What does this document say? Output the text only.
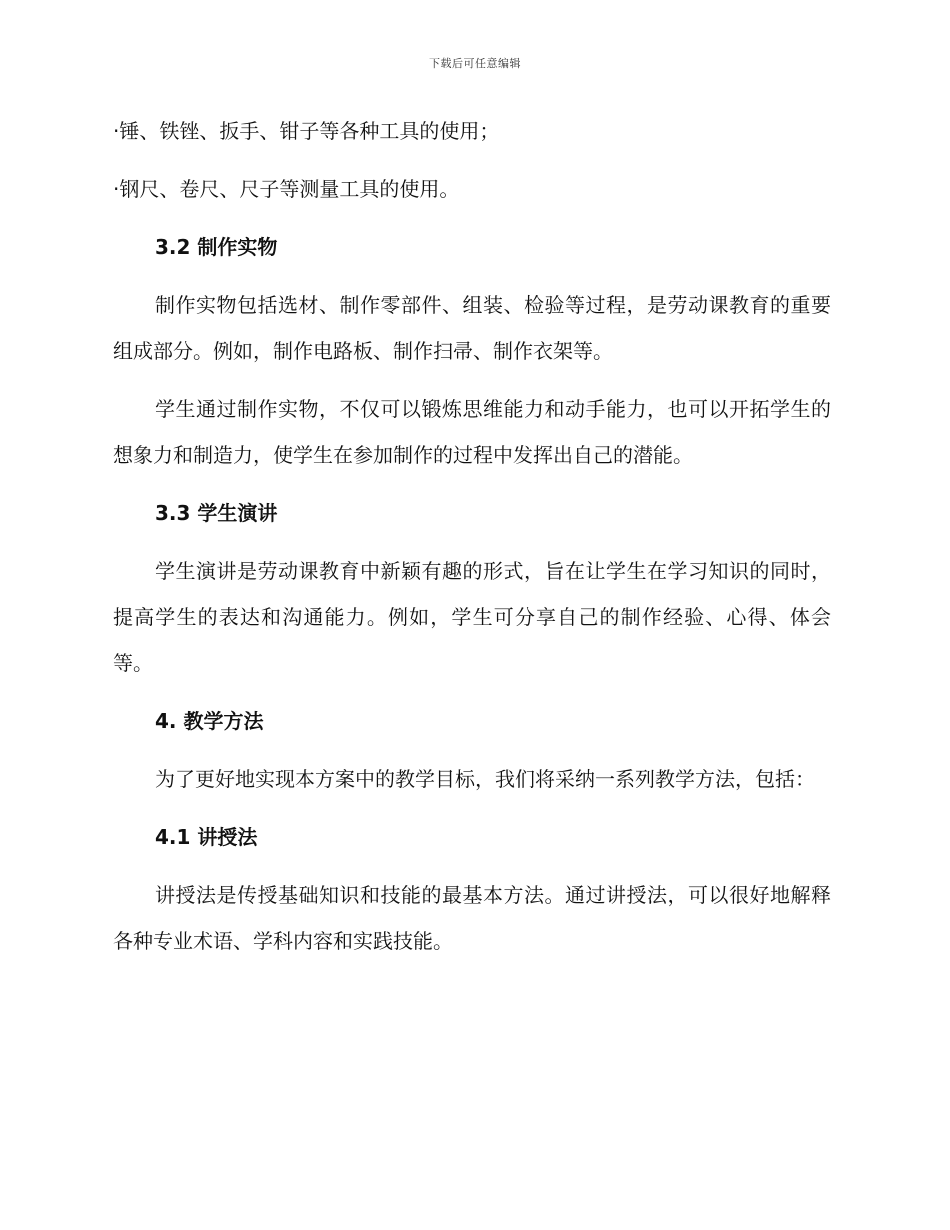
下载后可任意编辑

·锤、铁锉、扳手、钳子等各种工具的使用；

·钢尺、卷尺、尺子等测量工具的使用。

3.2 制作实物

制作实物包括选材、制作零部件、组装、检验等过程，是劳动课教育的重要组成部分。例如，制作电路板、制作扫帚、制作衣架等。

学生通过制作实物，不仅可以锻炼思维能力和动手能力，也可以开拓学生的想象力和制造力，使学生在参加制作的过程中发挥出自己的潜能。

3.3 学生演讲

学生演讲是劳动课教育中新颖有趣的形式，旨在让学生在学习知识的同时，提高学生的表达和沟通能力。例如，学生可分享自己的制作经验、心得、体会等。

4. 教学方法

为了更好地实现本方案中的教学目标，我们将采纳一系列教学方法，包括：

4.1 讲授法

讲授法是传授基础知识和技能的最基本方法。通过讲授法，可以很好地解释各种专业术语、学科内容和实践技能。
